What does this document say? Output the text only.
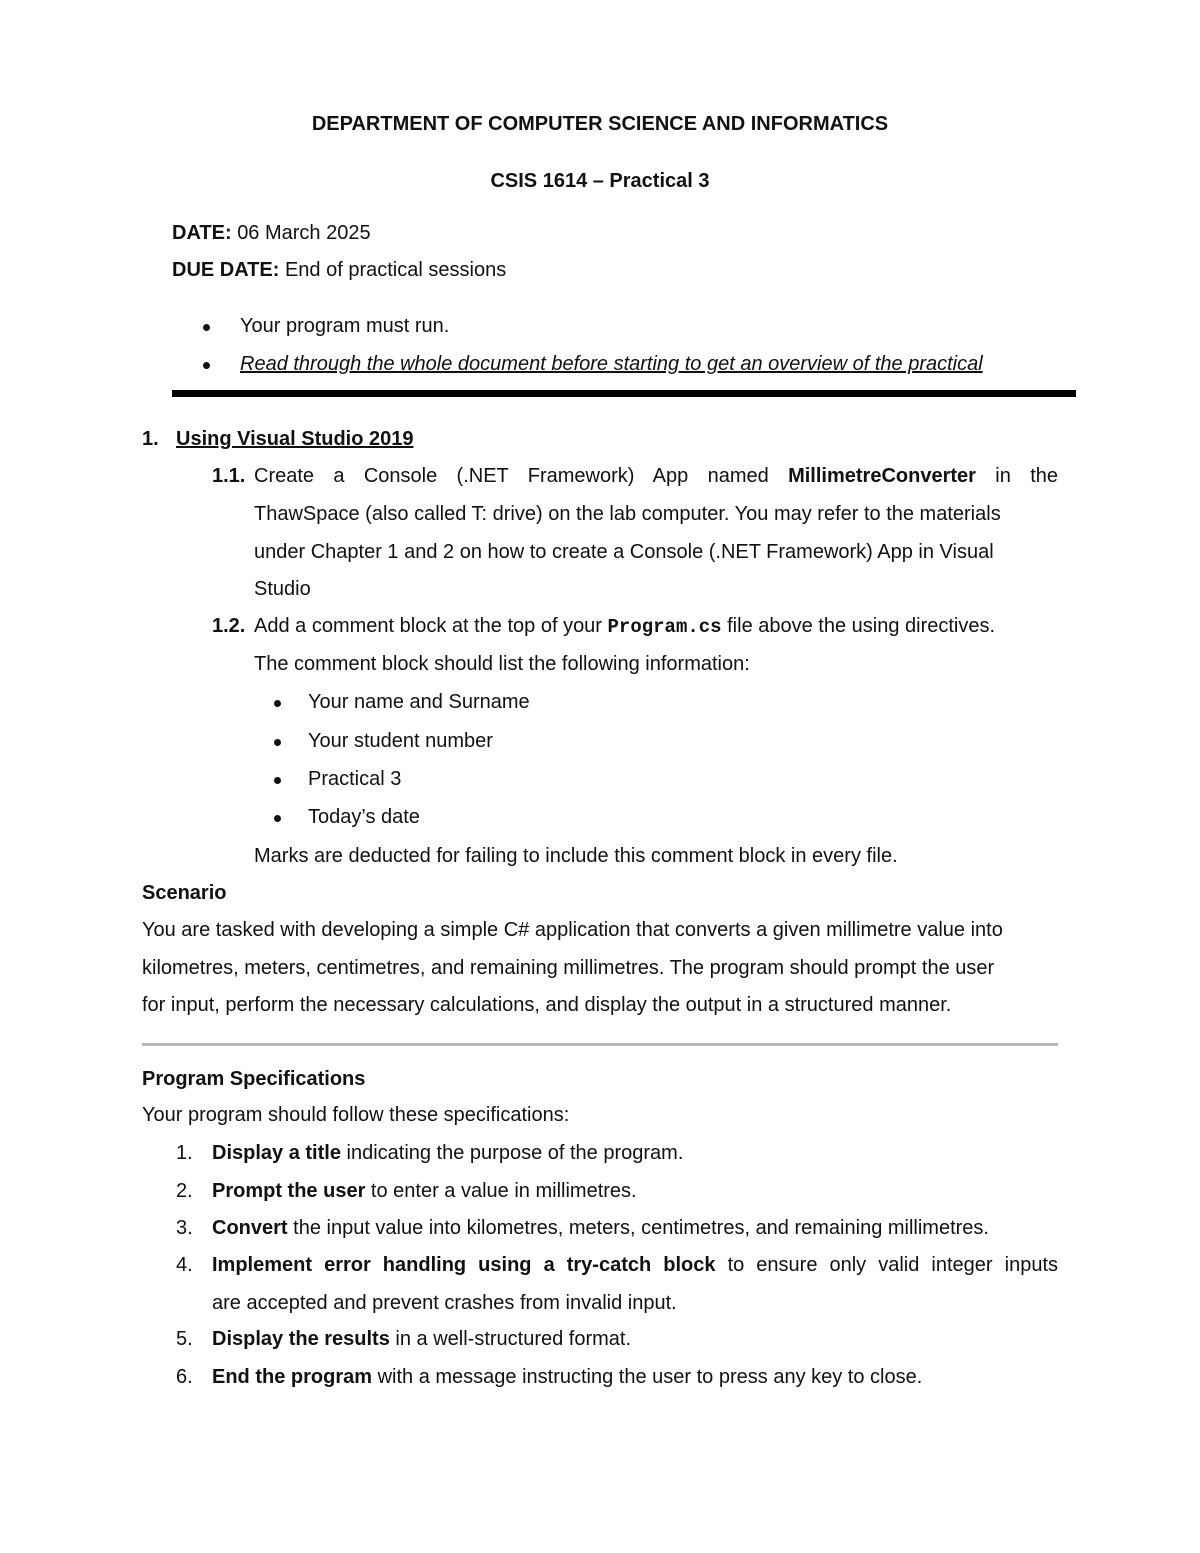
DEPARTMENT OF COMPUTER SCIENCE AND INFORMATICS
CSIS 1614 – Practical 3
DATE: 06 March 2025
DUE DATE: End of practical sessions
Your program must run.
Read through the whole document before starting to get an overview of the practical
1. Using Visual Studio 2019
1.1. Create a Console (.NET Framework) App named MillimetreConverter in the
ThawSpace (also called T: drive) on the lab computer. You may refer to the materials
under Chapter 1 and 2 on how to create a Console (.NET Framework) App in Visual
Studio
1.2. Add a comment block at the top of your Program.cs file above the using directives.
The comment block should list the following information:
Your name and Surname
Your student number
Practical 3
Today’s date
Marks are deducted for failing to include this comment block in every file.
Scenario
You are tasked with developing a simple C# application that converts a given millimetre value into
kilometres, meters, centimetres, and remaining millimetres. The program should prompt the user
for input, perform the necessary calculations, and display the output in a structured manner.
Program Specifications
Your program should follow these specifications:
1. Display a title indicating the purpose of the program.
2. Prompt the user to enter a value in millimetres.
3. Convert the input value into kilometres, meters, centimetres, and remaining millimetres.
4. Implement error handling using a try-catch block to ensure only valid integer inputs
are accepted and prevent crashes from invalid input.
5. Display the results in a well-structured format.
6. End the program with a message instructing the user to press any key to close.
